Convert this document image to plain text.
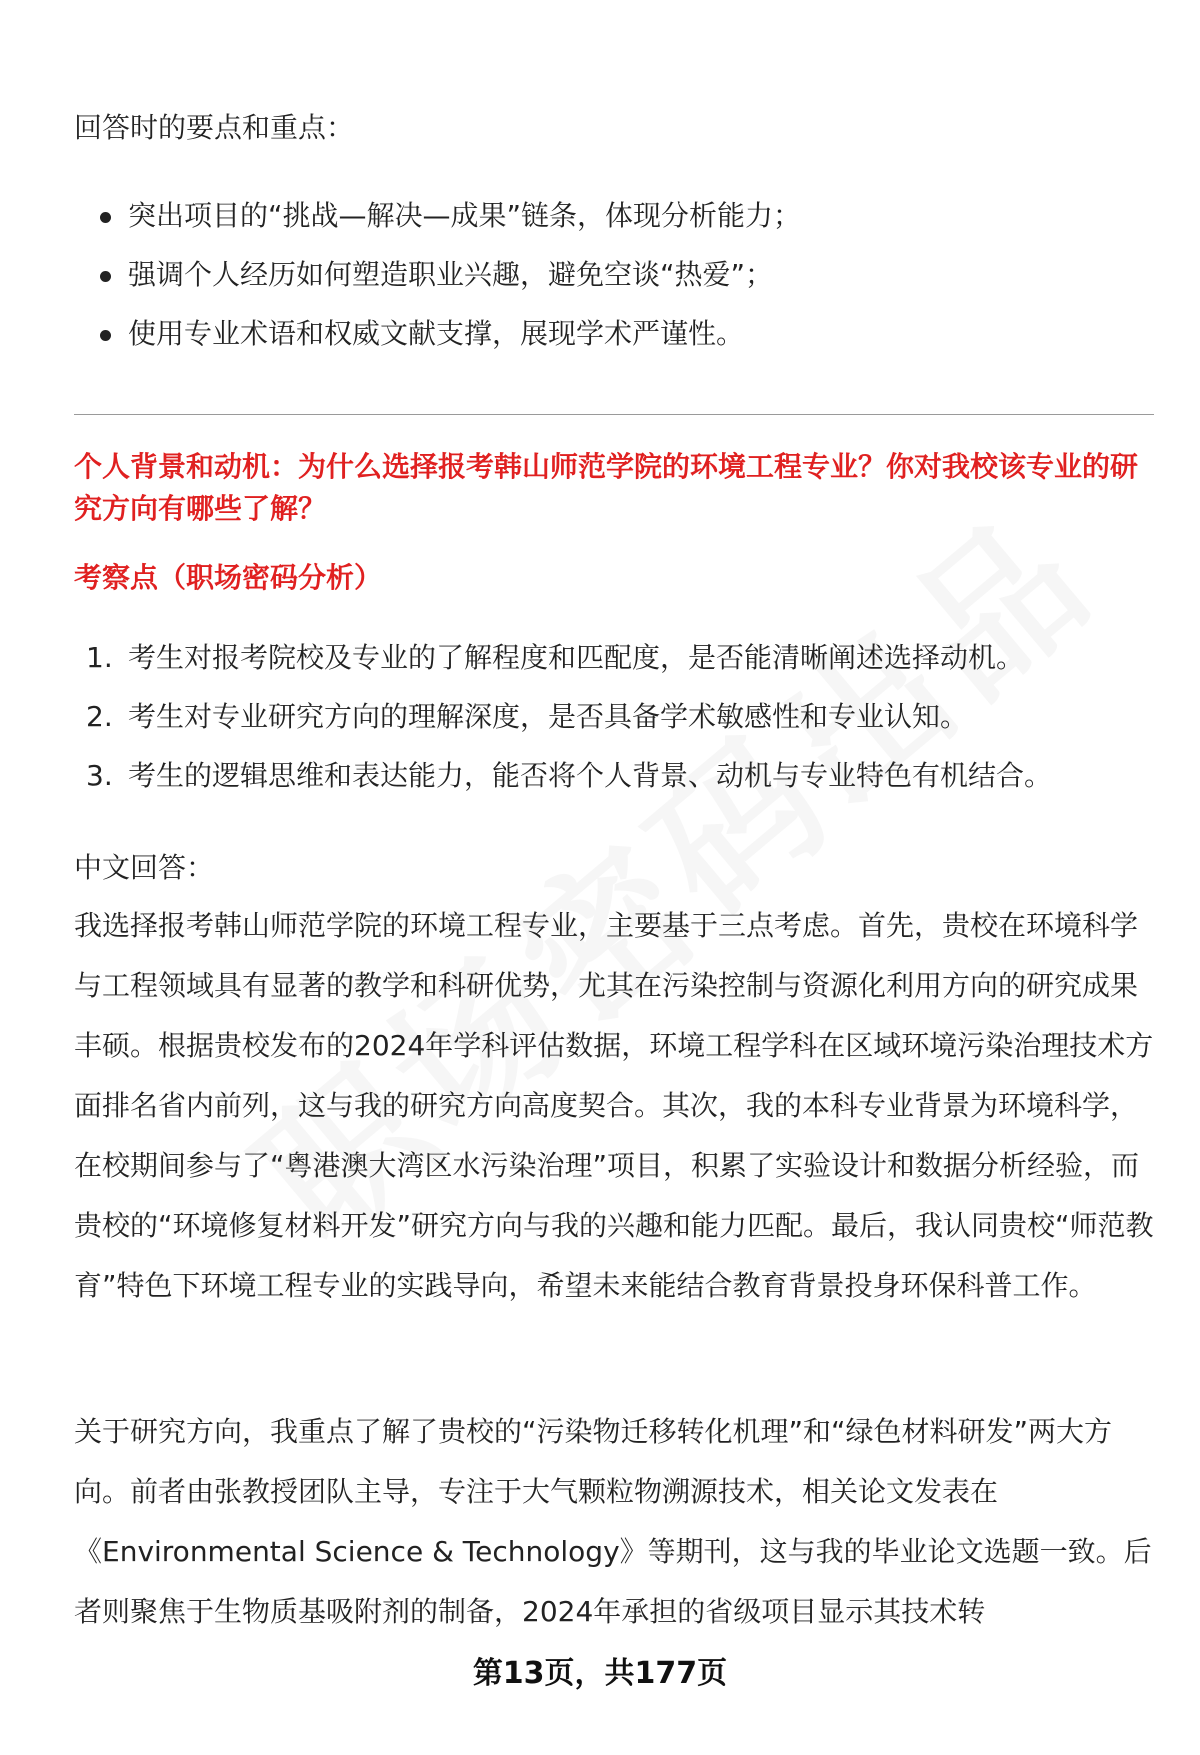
回答时的要点和重点：
突出项目的“挑战—解决—成果”链条，体现分析能力；
强调个人经历如何塑造职业兴趣，避免空谈“热爱”；
使用专业术语和权威文献支撑，展现学术严谨性。
个人背景和动机：为什么选择报考韩山师范学院的环境工程专业？你对我校该专业的研究方向有哪些了解？
考察点（职场密码分析）
1. 考生对报考院校及专业的了解程度和匹配度，是否能清晰阐述选择动机。
2. 考生对专业研究方向的理解深度，是否具备学术敏感性和专业认知。
3. 考生的逻辑思维和表达能力，能否将个人背景、动机与专业特色有机结合。
中文回答：

我选择报考韩山师范学院的环境工程专业，主要基于三点考虑。首先，贵校在环境科学与工程领域具有显著的教学和科研优势，尤其在污染控制与资源化利用方向的研究成果丰硕。根据贵校发布的2024年学科评估数据，环境工程学科在区域环境污染治理技术方面排名省内前列，这与我的研究方向高度契合。其次，我的本科专业背景为环境科学，在校期间参与了“粤港澳大湾区水污染治理”项目，积累了实验设计和数据分析经验，而贵校的“环境修复材料开发”研究方向与我的兴趣和能力匹配。最后，我认同贵校“师范教育”特色下环境工程专业的实践导向，希望未来能结合教育背景投身环保科普工作。

关于研究方向，我重点了解了贵校的“污染物迁移转化机理”和“绿色材料研发”两大方向。前者由张教授团队主导，专注于大气颗粒物溯源技术，相关论文发表在《Environmental Science & Technology》等期刊，这与我的毕业论文选题一致。后者则聚焦于生物质基吸附剂的制备，2024年承担的省级项目显示其技术转

第13页，共177页
